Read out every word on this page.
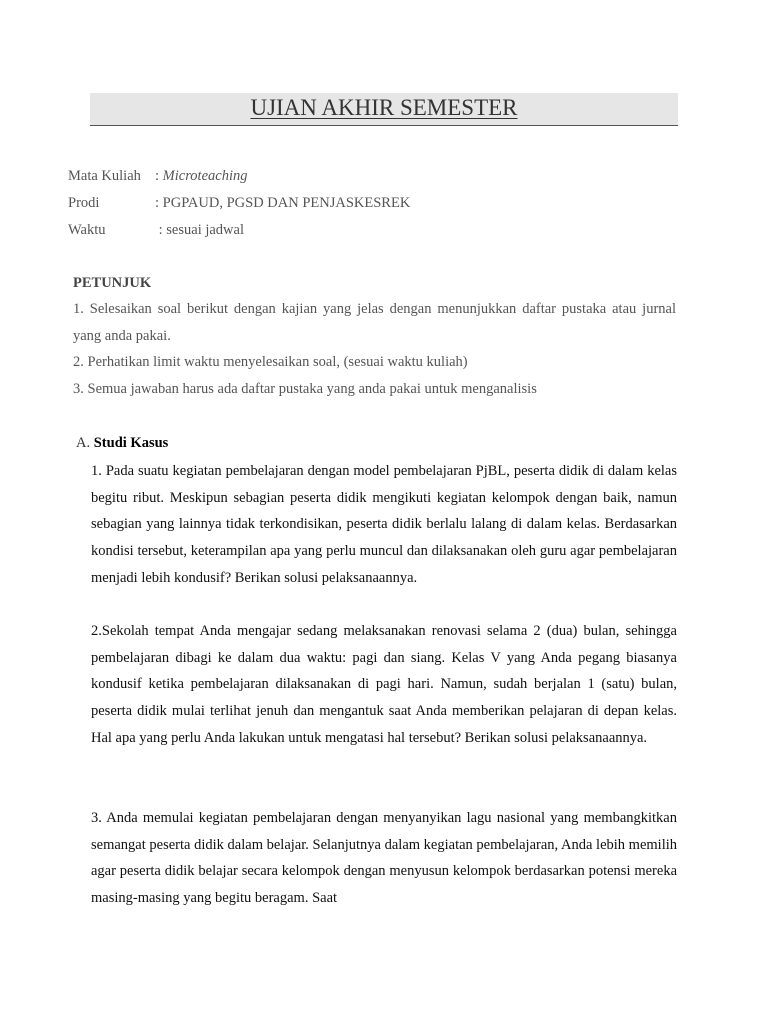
UJIAN AKHIR SEMESTER
Mata Kuliah : Microteaching
Prodi	: PGPAUD, PGSD DAN PENJASKESREK
Waktu	: sesuai jadwal
PETUNJUK

1. Selesaikan soal berikut dengan kajian yang jelas dengan menunjukkan daftar pustaka atau jurnal yang anda pakai.

2. Perhatikan limit waktu menyelesaikan soal, (sesuai waktu kuliah)

3. Semua jawaban harus ada daftar pustaka yang anda pakai untuk menganalisis

A. Studi Kasus

1. Pada suatu kegiatan pembelajaran dengan model pembelajaran PjBL, peserta didik di dalam kelas begitu ribut. Meskipun sebagian peserta didik mengikuti kegiatan kelompok dengan baik, namun sebagian yang lainnya tidak terkondisikan, peserta didik berlalu lalang di dalam kelas. Berdasarkan kondisi tersebut, keterampilan apa yang perlu muncul dan dilaksanakan oleh guru agar pembelajaran menjadi lebih kondusif? Berikan solusi pelaksanaannya.

2.Sekolah tempat Anda mengajar sedang melaksanakan renovasi selama 2 (dua) bulan, sehingga pembelajaran dibagi ke dalam dua waktu: pagi dan siang. Kelas V yang Anda pegang biasanya kondusif ketika pembelajaran dilaksanakan di pagi hari. Namun, sudah berjalan 1 (satu) bulan, peserta didik mulai terlihat jenuh dan mengantuk saat Anda memberikan pelajaran di depan kelas. Hal apa yang perlu Anda lakukan untuk mengatasi hal tersebut? Berikan solusi pelaksanaannya.

3. Anda memulai kegiatan pembelajaran dengan menyanyikan lagu nasional yang membangkitkan semangat peserta didik dalam belajar. Selanjutnya dalam kegiatan pembelajaran, Anda lebih memilih agar peserta didik belajar secara kelompok dengan menyusun kelompok berdasarkan potensi mereka masing-masing yang begitu beragam. Saat
